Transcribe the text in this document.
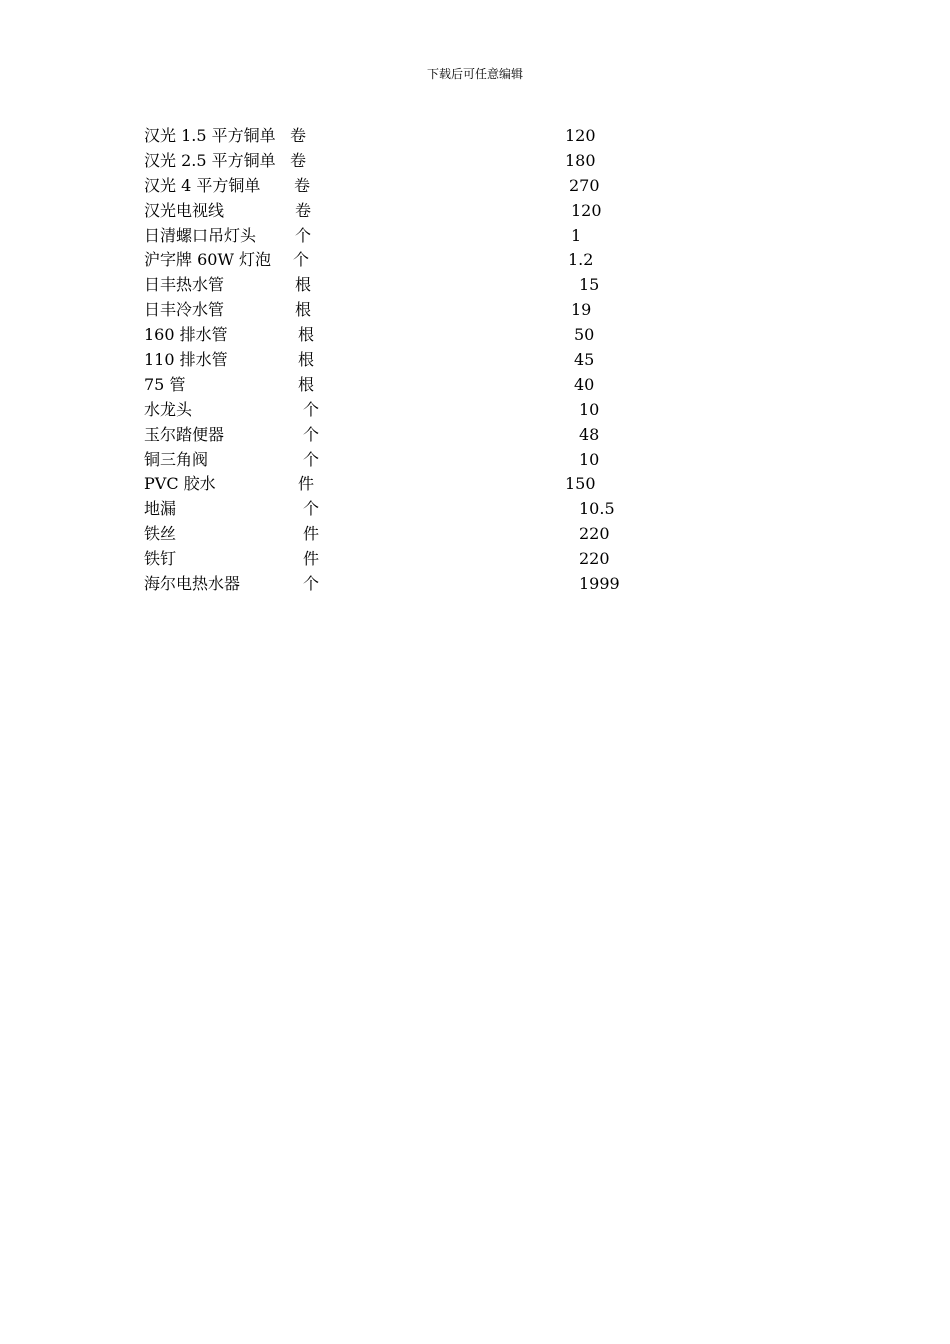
下载后可任意编辑
汉光 1.5 平方铜单 卷	120
汉光 2.5 平方铜单 卷	180
汉光 4 平方铜单 卷	270
汉光电视线	卷	120
日清螺口吊灯头 个	1
沪字牌 60W 灯泡 个	1.2
日丰热水管	根	15
日丰冷水管	根	19
160 排水管	根	50
110 排水管	根	45
75 管	根	40
水龙头	个	10
玉尔踏便器	个	48
铜三角阀	个	10
PVC 胶水	件	150
地漏	个	10.5
铁丝	件	220
铁钉	件	220
海尔电热水器	个	1999
